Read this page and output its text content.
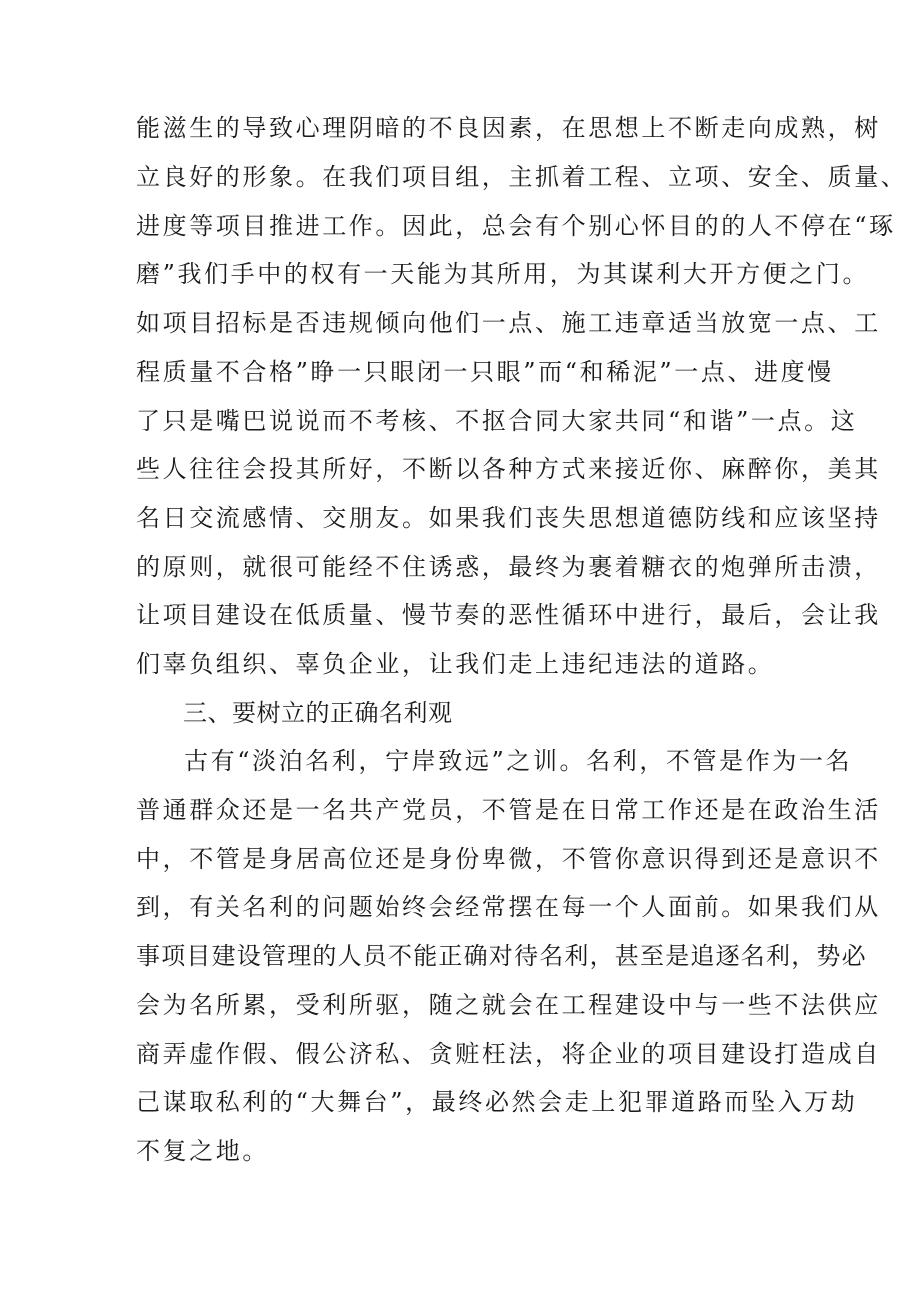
能滋生的导致心理阴暗的不良因素，在思想上不断走向成熟，树
立良好的形象。在我们项目组，主抓着工程、立项、安全、质量、
进度等项目推进工作。因此，总会有个别心怀目的的人不停在“琢
磨”我们手中的权有一天能为其所用，为其谋利大开方便之门。
如项目招标是否违规倾向他们一点、施工违章适当放宽一点、工
程质量不合格”睁一只眼闭一只眼”而“和稀泥”一点、进度慢
了只是嘴巴说说而不考核、不抠合同大家共同“和谐”一点。这
些人往往会投其所好，不断以各种方式来接近你、麻醉你，美其
名日交流感情、交朋友。如果我们丧失思想道德防线和应该坚持
的原则，就很可能经不住诱惑，最终为裹着糖衣的炮弹所击溃，
让项目建设在低质量、慢节奏的恶性循环中进行，最后，会让我
们辜负组织、辜负企业，让我们走上违纪违法的道路。
三、要树立的正确名利观
古有“淡泊名利，宁岸致远”之训。名利，不管是作为一名
普通群众还是一名共产党员，不管是在日常工作还是在政治生活
中，不管是身居高位还是身份卑微，不管你意识得到还是意识不
到，有关名利的问题始终会经常摆在每一个人面前。如果我们从
事项目建设管理的人员不能正确对待名利，甚至是追逐名利，势必
会为名所累，受利所驱，随之就会在工程建设中与一些不法供应
商弄虚作假、假公济私、贪赃枉法，将企业的项目建设打造成自
己谋取私利的“大舞台”，最终必然会走上犯罪道路而坠入万劫
不复之地。
